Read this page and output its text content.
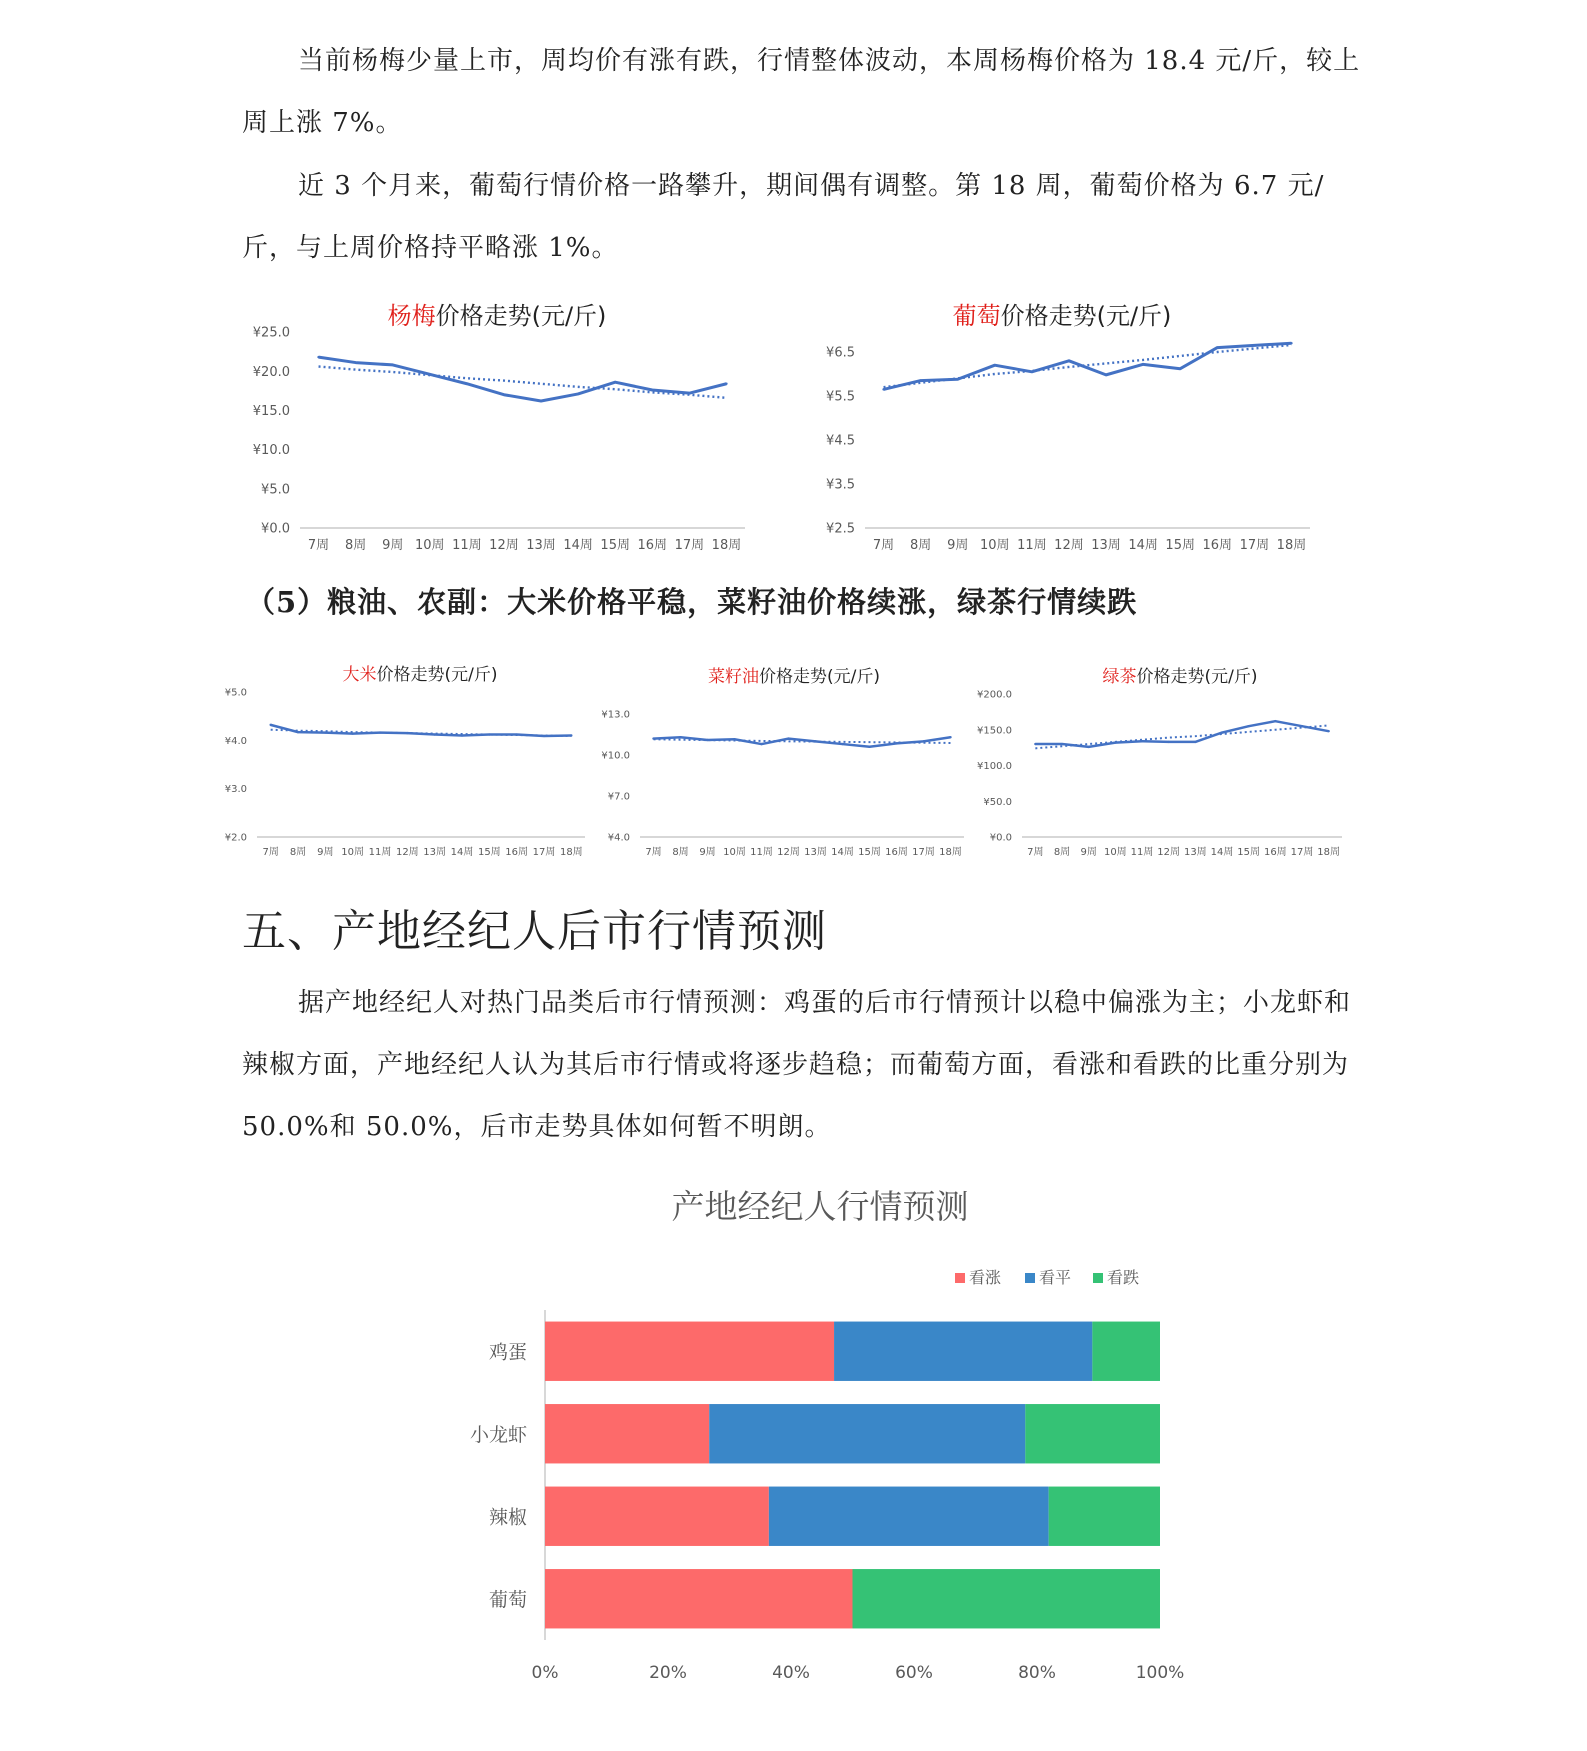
当前杨梅少量上市，周均价有涨有跌，行情整体波动，本周杨梅价格为 18.4 元/斤，较上周上涨 7%。

近 3 个月来，葡萄行情价格一路攀升，期间偶有调整。第 18 周，葡萄价格为 6.7 元/斤，与上周价格持平略涨 1%。

杨梅价格走势(元/斤)
¥25.0
¥20.0
¥15.0
¥10.0
¥5.0
¥0.0
7周 8周 9周 10周 11周 12周 13周 14周 15周 16周 17周 18周
葡萄价格走势(元/斤)
¥6.5
¥5.5
¥4.5
¥3.5
¥2.5
7周 8周 9周 10周 11周 12周 13周 14周 15周 16周 17周 18周

（5）粮油、农副：大米价格平稳，菜籽油价格续涨，绿茶行情续跌

大米价格走势(元/斤)
¥5.0
¥4.0
¥3.0
¥2.0
7周 8周 9周 10周 11周 12周 13周 14周 15周 16周 17周 18周
菜籽油价格走势(元/斤)
¥13.0
¥10.0
¥7.0
¥4.0
7周 8周 9周 10周 11周 12周 13周 14周 15周 16周 17周 18周
绿茶价格走势(元/斤)
¥200.0
¥150.0
¥100.0
¥50.0
¥0.0
7周 8周 9周 10周 11周 12周 13周 14周 15周 16周 17周 18周
五、产地经纪人后市行情预测

据产地经纪人对热门品类后市行情预测：鸡蛋的后市行情预计以稳中偏涨为主；小龙虾和辣椒方面，产地经纪人认为其后市行情或将逐步趋稳；而葡萄方面，看涨和看跌的比重分别为 50.0%和 50.0%，后市走势具体如何暂不明朗。

产地经纪人行情预测
看涨 看平 看跌
鸡蛋
小龙虾
辣椒
葡萄
0%	20%	40%	60%	80%	100%
